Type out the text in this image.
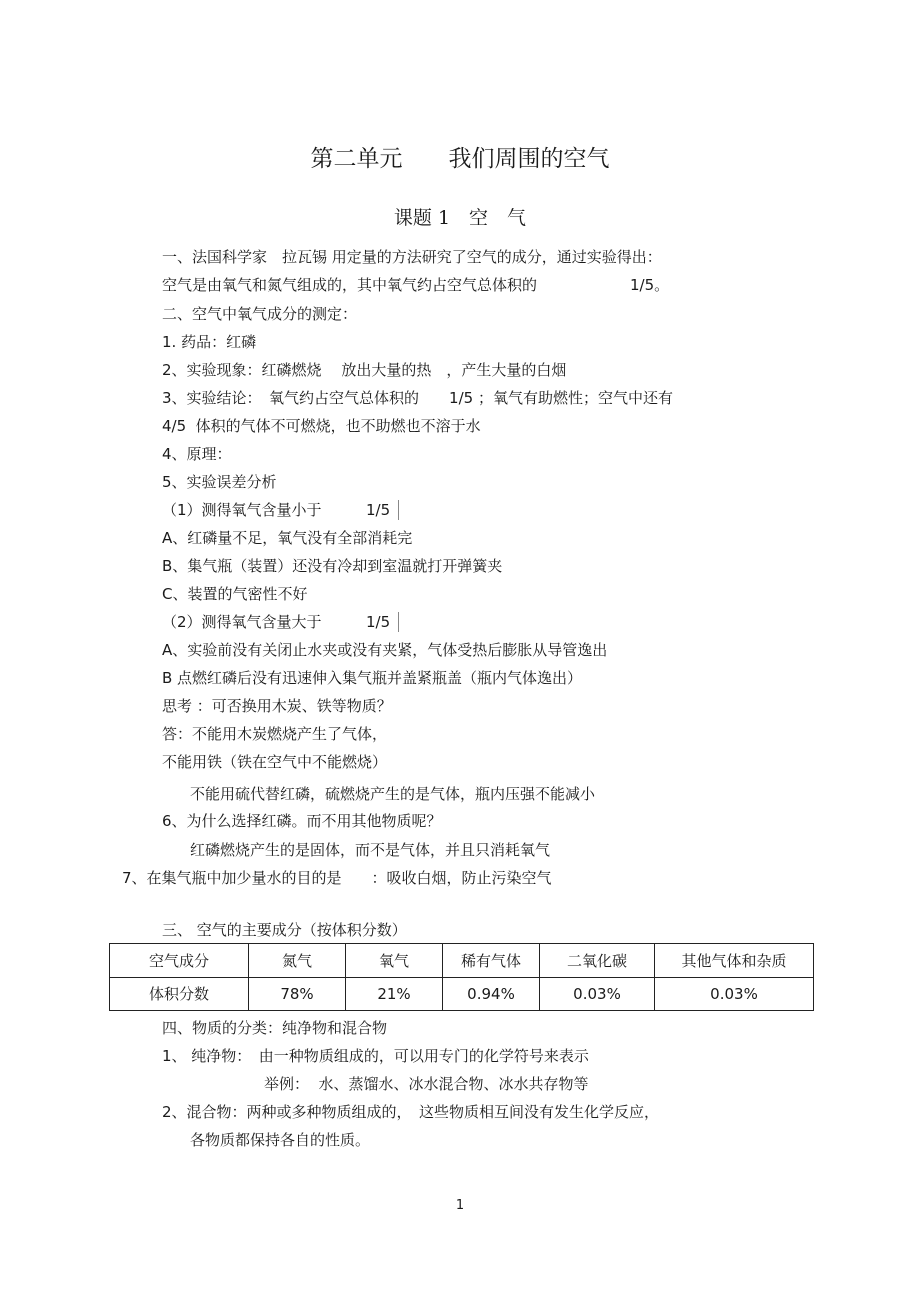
第二单元　　我们周围的空气
课题 1　空　气
一、法国科学家　拉瓦锡 用定量的方法研究了空气的成分，通过实验得出：
空气是由氧气和氮气组成的，其中氧气约占空气总体积的	1/5。
二、空气中氧气成分的测定：
1. 药品：红磷
2、实验现象：红磷燃烧　 放出大量的热　，产生大量的白烟
3、实验结论：　氧气约占空气总体积的　　1/5 ；氧气有助燃性；空气中还有
4/5  体积的气体不可燃烧，也不助燃也不溶于水
4、原理：
5、实验误差分析
（1）测得氧气含量小于	1/5
A、红磷量不足，氧气没有全部消耗完
B、集气瓶（装置）还没有冷却到室温就打开弹簧夹
C、装置的气密性不好
（2）测得氧气含量大于	1/5
A、实验前没有关闭止水夹或没有夹紧，气体受热后膨胀从导管逸出
B 点燃红磷后没有迅速伸入集气瓶并盖紧瓶盖（瓶内气体逸出）
思考 ：可否换用木炭、铁等物质？
答：不能用木炭燃烧产生了气体，
不能用铁（铁在空气中不能燃烧）
不能用硫代替红磷，硫燃烧产生的是气体，瓶内压强不能减小
6、为什么选择红磷。而不用其他物质呢？
红磷燃烧产生的是固体，而不是气体，并且只消耗氧气
7、在集气瓶中加少量水的目的是　　：吸收白烟，防止污染空气
三、 空气的主要成分（按体积分数）
空气成分	氮气	氧气	稀有气体	二氧化碳	其他气体和杂质
体积分数	78%	21%	0.94%	0.03%	0.03%
四、物质的分类：纯净物和混合物
1、 纯净物：　由一种物质组成的，可以用专门的化学符号来表示
举例：  水、蒸馏水、冰水混合物、冰水共存物等
2、混合物：两种或多种物质组成的，　这些物质相互间没有发生化学反应，
各物质都保持各自的性质。
1
